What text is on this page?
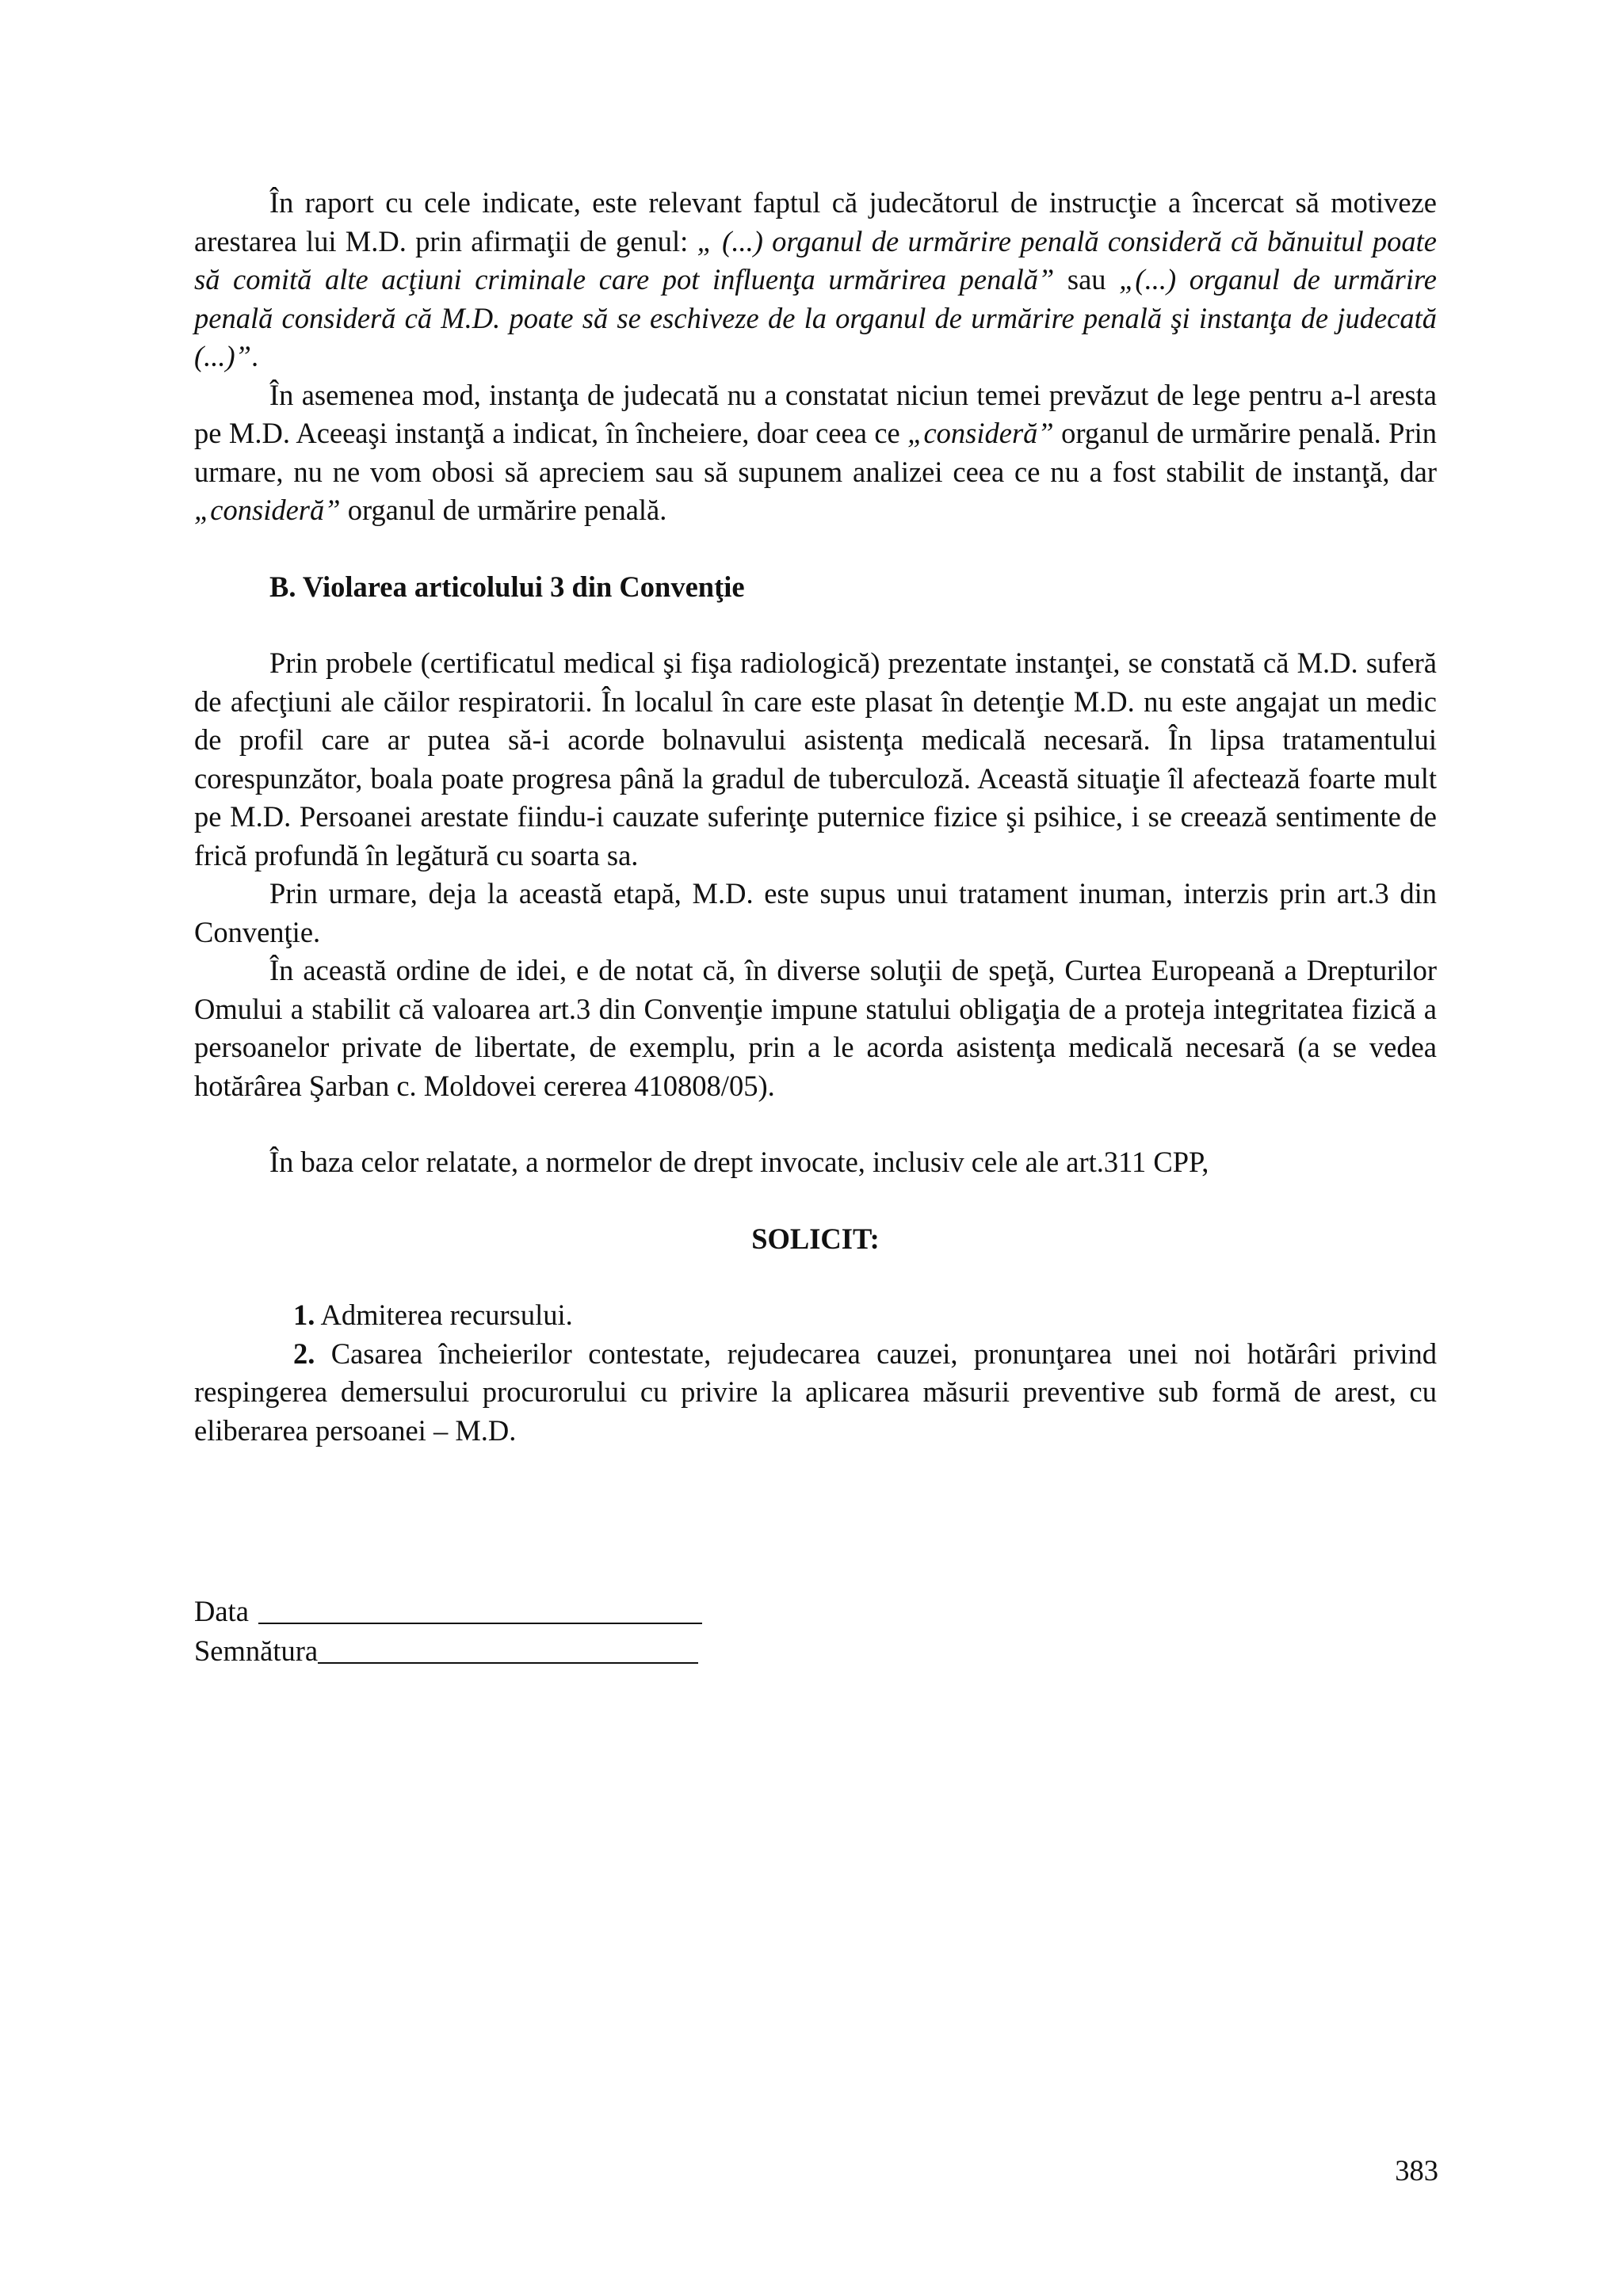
În raport cu cele indicate, este relevant faptul că judecătorul de instrucţie a încercat să motiveze arestarea lui M.D. prin afirmaţii de genul: „ (...) organul de urmărire penală consideră că bănuitul poate să comită alte acţiuni criminale care pot influenţa urmărirea penală” sau „(...) organul de urmărire penală consideră că M.D. poate să se eschiveze de la organul de urmărire penală şi instanţa de judecată (...)”.

În asemenea mod, instanţa de judecată nu a constatat niciun temei prevăzut de lege pentru a-l aresta pe M.D. Aceeaşi instanţă a indicat, în încheiere, doar ceea ce „consideră” organul de urmărire penală. Prin urmare, nu ne vom obosi să apreciem sau să supunem analizei ceea ce nu a fost stabilit de instanţă, dar „consideră” organul de urmărire penală.

B. Violarea articolului 3 din Convenţie

Prin probele (certificatul medical şi fişa radiologică) prezentate instanţei, se constată că M.D. suferă de afecţiuni ale căilor respiratorii. În localul în care este plasat în detenţie M.D. nu este angajat un medic de profil care ar putea să-i acorde bolnavului asistenţa medicală necesară. În lipsa tratamentului corespunzător, boala poate progresa până la gradul de tuberculoză. Această situaţie îl afectează foarte mult pe M.D. Persoanei arestate fiindu-i cauzate suferinţe puternice fizice şi psihice, i se creează sentimente de frică profundă în legătură cu soarta sa.

Prin urmare, deja la această etapă, M.D. este supus unui tratament inuman, interzis prin art.3 din Convenţie.

În această ordine de idei, e de notat că, în diverse soluţii de speţă, Curtea Europeană a Drepturilor Omului a stabilit că valoarea art.3 din Convenţie impune statului obligaţia de a proteja integritatea fizică a persoanelor private de libertate, de exemplu, prin a le acorda asistenţa medicală necesară (a se vedea hotărârea Şarban c. Moldovei cererea 410808/05).

În baza celor relatate, a normelor de drept invocate, inclusiv cele ale art.311 CPP,

SOLICIT:

1. Admiterea recursului.

2. Casarea încheierilor contestate, rejudecarea cauzei, pronunţarea unei noi hotărâri privind respingerea demersului procurorului cu privire la aplicarea măsurii preventive sub formă de arest, cu eliberarea persoanei – M.D.

Data
Semnătura
383
